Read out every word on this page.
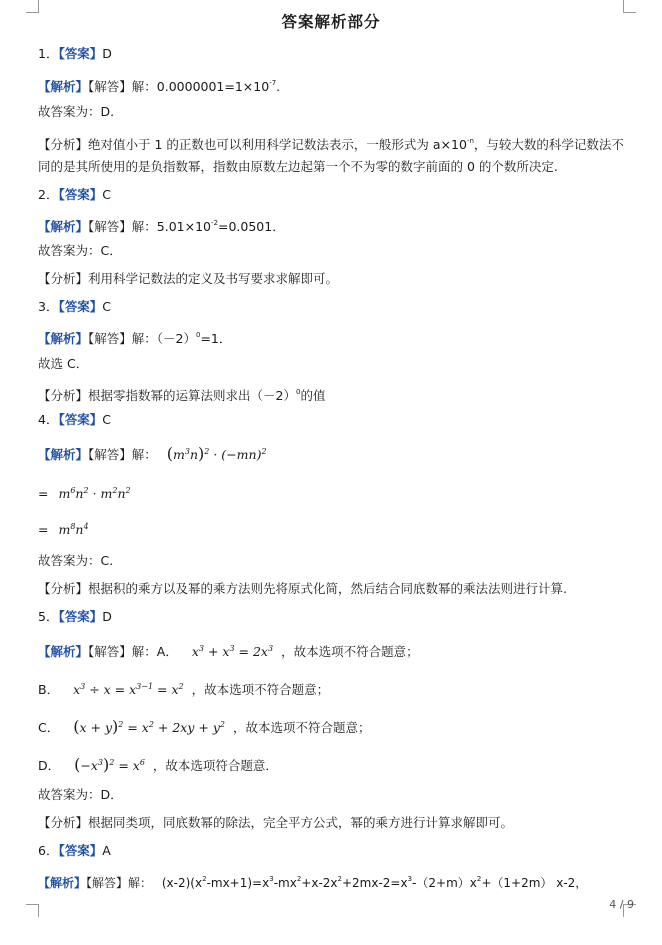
答案解析部分
1．【答案】D
【解析】【解答】解：$0.0000001=1\times 10^{-7}$.
故答案为：D.
【分析】绝对值小于 1 的正数也可以利用科学记数法表示，一般形式为 $a\times 10^{-n}$，与较大数的科学记数法不
同的是其所使用的是负指数幂，指数由原数左边起第一个不为零的数字前面的 0 的个数所决定.
2．【答案】C
【解析】【解答】解：$5.01\times 10^{-2}=0.0501$．
故答案为：C．
【分析】利用科学记数法的定义及书写要求求解即可。
3．【答案】C
【解析】【解答】解：$(-2)^0=1$．
故选 C．
【分析】根据零指数幂的运算法则求出$(-2)^0$的值
4．【答案】C
【解析】【解答】解： $(m^3n)^2 \cdot (-mn)^2$
= $m^6n^2 \cdot m^2n^2$
= $m^8n^4$
故答案为：C.
【分析】根据积的乘方以及幂的乘方法则先将原式化简，然后结合同底数幂的乘法法则进行计算.
5．【答案】D
【解析】【解答】解：A． $x^3 + x^3 = 2x^3$ ，故本选项不符合题意；
B． $x^3 \div x = x^{3-1} = x^2$ ，故本选项不符合题意；
C． $(x + y)^2 = x^2 + 2xy + y^2$ ，故本选项不符合题意；
D． $(-x^3)^2 = x^6$ ，故本选项符合题意．
故答案为：D．
【分析】根据同类项，同底数幂的除法，完全平方公式，幂的乘方进行计算求解即可。
6．【答案】A
【解析】【解答】解： $(x-2)(x^2-mx+1)=x^3-mx^2+x-2x^2+2mx-2=x^3-(2+m)x^2+(1+2m)$ x-2，
4 / 9
